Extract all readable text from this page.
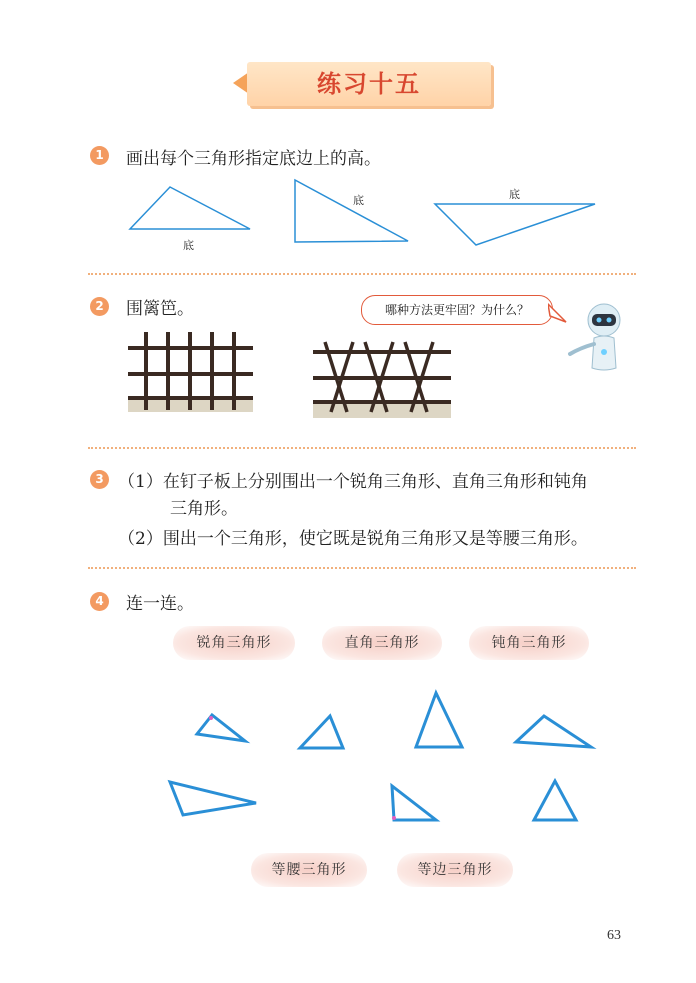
练习十五
1	画出每个三角形指定底边上的高。
底
底	底
2	围篱笆。	哪种方法更牢固？为什么？
3 （1）在钉子板上分别围出一个锐角三角形、直角三角形和钝角
三角形。
（2）围出一个三角形，使它既是锐角三角形又是等腰三角形。
4	连一连。
锐角三角形	直角三角形	钝角三角形
等腰三角形	等边三角形
63
